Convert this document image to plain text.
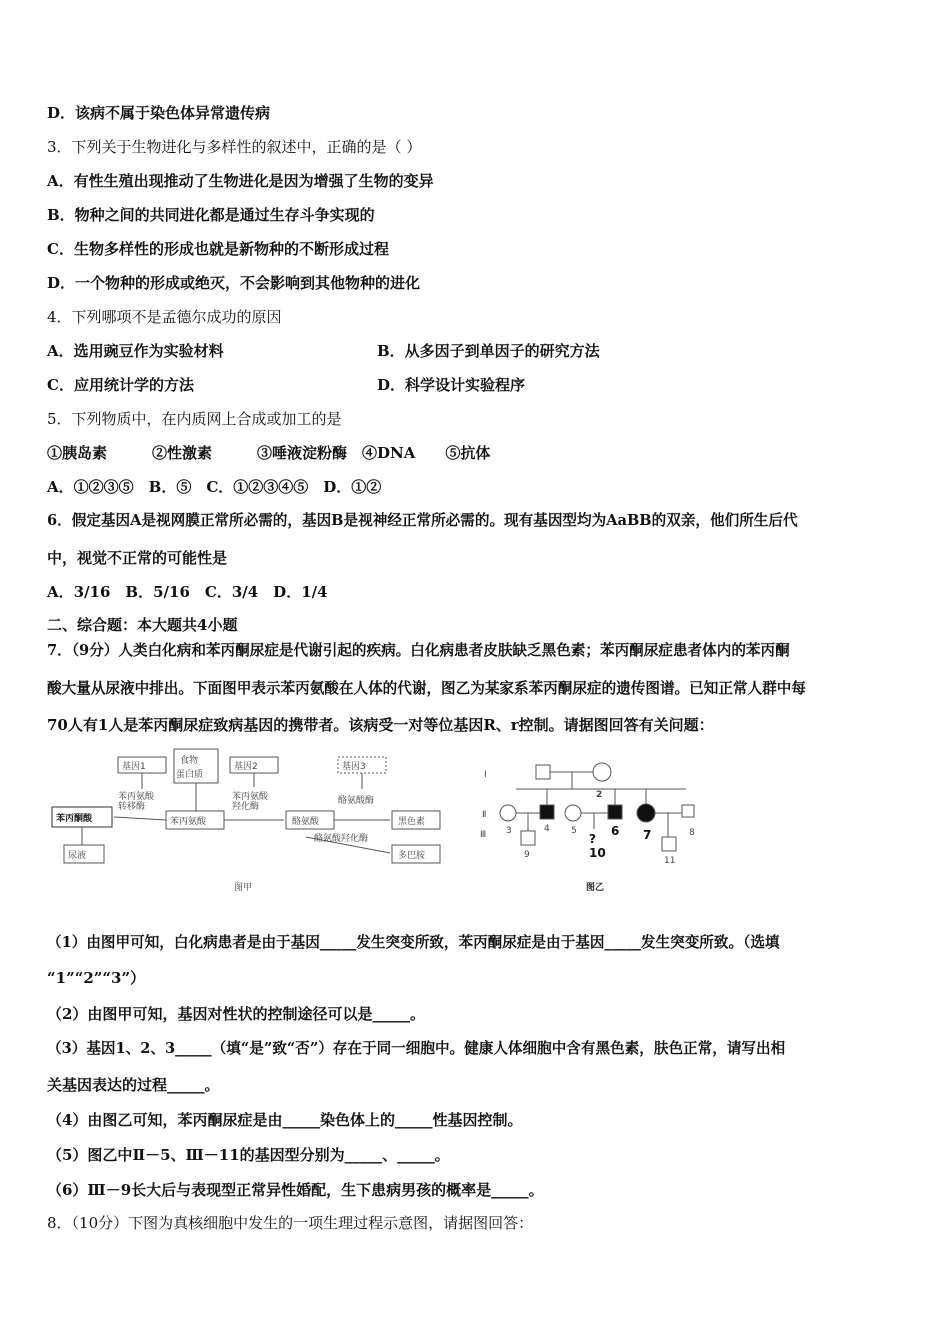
D．该病不属于染色体异常遗传病
3．下列关于生物进化与多样性的叙述中，正确的是（ ）
A．有性生殖出现推动了生物进化是因为增强了生物的变异
B．物种之间的共同进化都是通过生存斗争实现的
C．生物多样性的形成也就是新物种的不断形成过程
D．一个物种的形成或绝灭，不会影响到其他物种的进化
4．下列哪项不是孟德尔成功的原因
A．选用豌豆作为实验材料	B．从多因子到单因子的研究方法
C．应用统计学的方法	D．科学设计实验程序
5．下列物质中，在内质网上合成或加工的是
①胰岛素　　　②性激素　　　③唾液淀粉酶　④DNA　　⑤抗体
A．①②③⑤　B．⑤　C．①②③④⑤　D．①②
6．假定基因A是视网膜正常所必需的，基因B是视神经正常所必需的。现有基因型均为AaBB的双亲，他们所生后代
中，视觉不正常的可能性是
A．3/16　B．5/16　C．3/4　D．1/4
二、综合题：本大题共4小题
7．（9分）人类白化病和苯丙酮尿症是代谢引起的疾病。白化病患者皮肤缺乏黑色素；苯丙酮尿症患者体内的苯丙酮
酸大量从尿液中排出。下面图甲表示苯丙氨酸在人体的代谢，图乙为某家系苯丙酮尿症的遗传图谱。已知正常人群中每
70人有1人是苯丙酮尿症致病基因的携带者。该病受一对等位基因R、r控制。请据图回答有关问题：
基因1
食物
蛋白质
基因2	基因3
苯丙氨酸
转移酶
苯丙氨酸
羟化酶
酪氨酸酶
酪氨酸羟化酶
苯丙酮酸	苯丙氨酸	酪氨酸	黑色素
尿液	多巴胺
图甲
Ⅰ
Ⅱ
Ⅲ 3	4 5
2
6 7	8
9
?
10
11
图乙
（1）由图甲可知，白化病患者是由于基因_____发生突变所致，苯丙酮尿症是由于基因_____发生突变所致。（选填
“1”“2”“3”）
（2）由图甲可知，基因对性状的控制途径可以是_____。
（3）基因1、2、3_____（填“是”致“否”）存在于同一细胞中。健康人体细胞中含有黑色素，肤色正常，请写出相
关基因表达的过程_____。
（4）由图乙可知，苯丙酮尿症是由_____染色体上的_____性基因控制。
（5）图乙中Ⅱ－5、Ⅲ－11的基因型分别为_____、_____。
（6）Ⅲ－9长大后与表现型正常异性婚配，生下患病男孩的概率是_____。
8．（10分）下图为真核细胞中发生的一项生理过程示意图，请据图回答：
